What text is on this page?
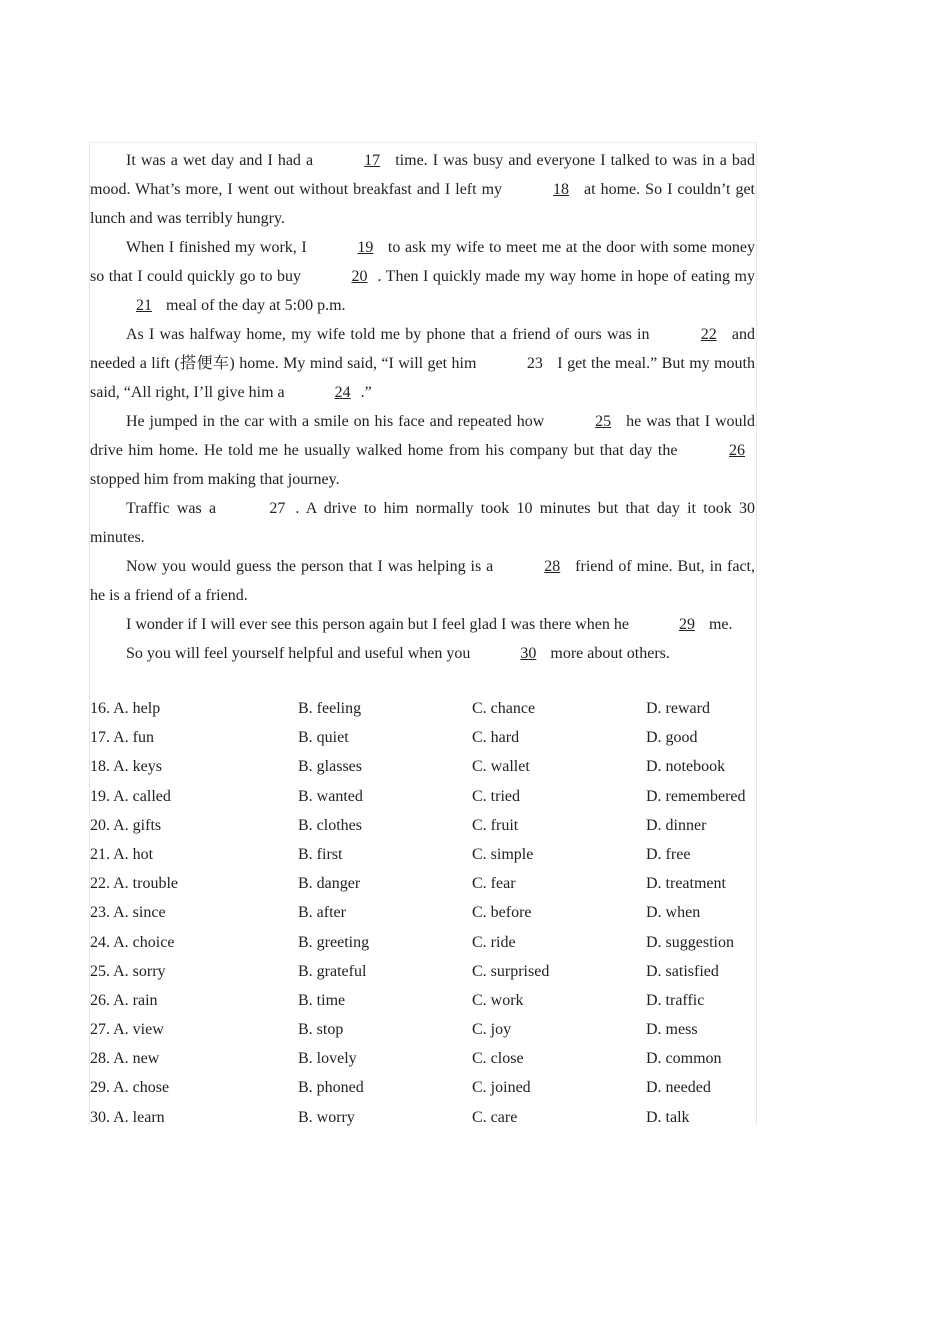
It was a wet day and I had a	17 time. I was busy and everyone I talked to was in a bad mood. What’s more, I went out without breakfast and I left my	18 at home. So I couldn’t get lunch and was terribly hungry.

When I finished my work, I	19 to ask my wife to meet me at the door with some money so that I could quickly go to buy	20 . Then I quickly made my way home in hope of eating my 21 meal of the day at 5:00 p.m.

As I was halfway home, my wife told me by phone that a friend of ours was in	22 and needed a lift (搭便车) home. My mind said, “I will get him	23 I get the meal.” But my mouth said, “All right, I’ll give him a	24 .”

He jumped in the car with a smile on his face and repeated how	25 he was that I would drive him home. He told me he usually walked home from his company but that day the	26 stopped him from making that journey.

Traffic was a	27 . A drive to him normally took 10 minutes but that day it took 30 minutes.

Now you would guess the person that I was helping is a	28 friend of mine. But, in fact, he is a friend of a friend.

I wonder if I will ever see this person again but I feel glad I was there when he	29 me.

So you will feel yourself helpful and useful when you	30 more about others.

16. A. help	B. feeling	C. chance	D. reward
17. A. fun	B. quiet	C. hard	D. good
18. A. keys	B. glasses	C. wallet	D. notebook
19. A. called	B. wanted	C. tried	D. remembered
20. A. gifts	B. clothes	C. fruit	D. dinner
21. A. hot	B. first	C. simple	D. free
22. A. trouble	B. danger	C. fear	D. treatment
23. A. since	B. after	C. before	D. when
24. A. choice	B. greeting	C. ride	D. suggestion
25. A. sorry	B. grateful	C. surprised	D. satisfied
26. A. rain	B. time	C. work	D. traffic
27. A. view	B. stop	C. joy	D. mess
28. A. new	B. lovely	C. close	D. common
29. A. chose	B. phoned	C. joined	D. needed
30. A. learn	B. worry	C. care	D. talk
